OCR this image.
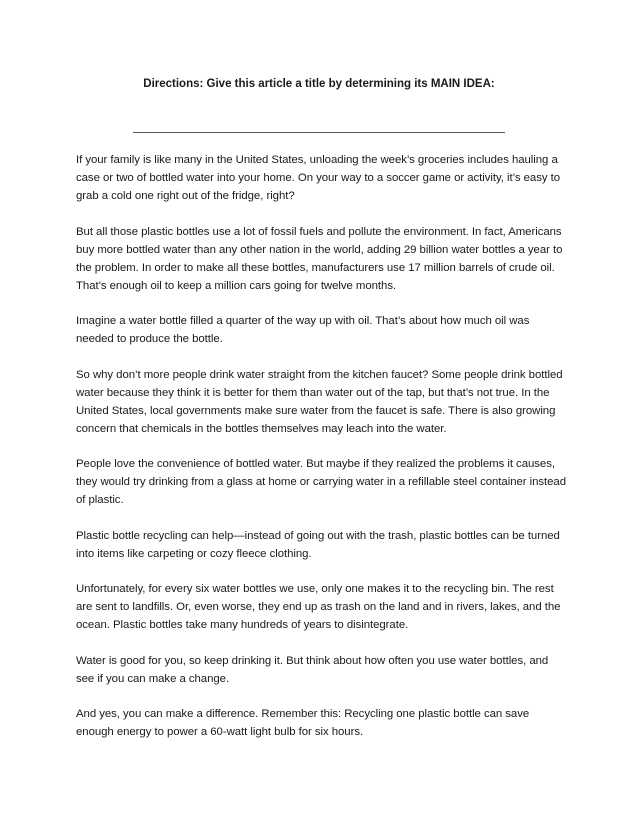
Directions: Give this article a title by determining its MAIN IDEA:

If your family is like many in the United States, unloading the week’s groceries includes hauling a case or two of bottled water into your home. On your way to a soccer game or activity, it’s easy to grab a cold one right out of the fridge, right?

But all those plastic bottles use a lot of fossil fuels and pollute the environment. In fact, Americans buy more bottled water than any other nation in the world, adding 29 billion water bottles a year to the problem. In order to make all these bottles, manufacturers use 17 million barrels of crude oil. That’s enough oil to keep a million cars going for twelve months.

Imagine a water bottle filled a quarter of the way up with oil. That’s about how much oil was needed to produce the bottle.

So why don’t more people drink water straight from the kitchen faucet? Some people drink bottled water because they think it is better for them than water out of the tap, but that’s not true. In the United States, local governments make sure water from the faucet is safe. There is also growing concern that chemicals in the bottles themselves may leach into the water.

People love the convenience of bottled water. But maybe if they realized the problems it causes, they would try drinking from a glass at home or carrying water in a refillable steel container instead of plastic.

Plastic bottle recycling can help—instead of going out with the trash, plastic bottles can be turned into items like carpeting or cozy fleece clothing.

Unfortunately, for every six water bottles we use, only one makes it to the recycling bin. The rest are sent to landfills. Or, even worse, they end up as trash on the land and in rivers, lakes, and the ocean. Plastic bottles take many hundreds of years to disintegrate.

Water is good for you, so keep drinking it. But think about how often you use water bottles, and see if you can make a change.

And yes, you can make a difference. Remember this: Recycling one plastic bottle can save enough energy to power a 60-watt light bulb for six hours.
